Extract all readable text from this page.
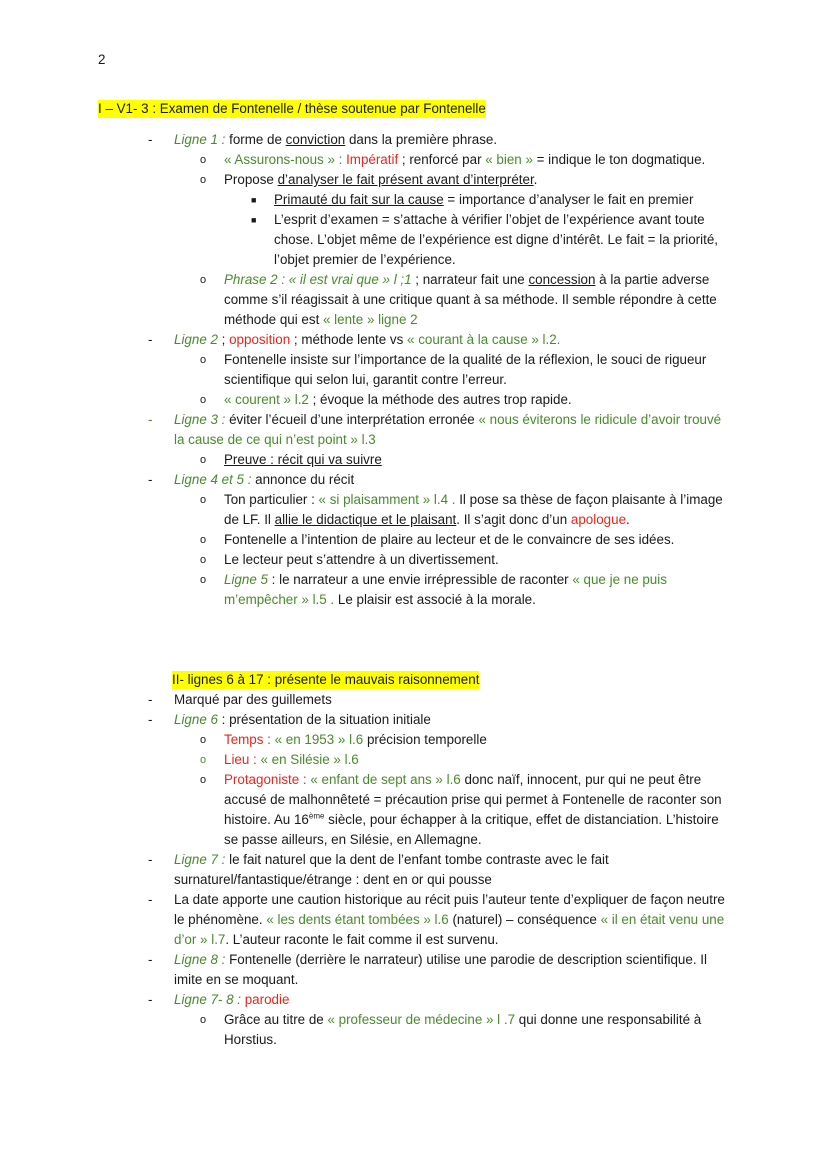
2
I – V1- 3 : Examen de Fontenelle / thèse soutenue par Fontenelle
- Ligne 1 : forme de conviction dans la première phrase.
o « Assurons-nous » : Impératif ; renforcé par « bien » = indique le ton dogmatique.
o Propose d’analyser le fait présent avant d’interpréter.
■ Primauté du fait sur la cause = importance d’analyser le fait en premier
■ L’esprit d’examen = s’attache à vérifier l’objet de l’expérience avant toute chose. L’objet même de l’expérience est digne d’intérêt. Le fait = la priorité, l’objet premier de l’expérience.
o Phrase 2 : « il est vrai que » l ;1 ; narrateur fait une concession à la partie adverse comme s’il réagissait à une critique quant à sa méthode. Il semble répondre à cette méthode qui est « lente » ligne 2
- Ligne 2 ; opposition ; méthode lente vs « courant à la cause » l.2.
o Fontenelle insiste sur l’importance de la qualité de la réflexion, le souci de rigueur scientifique qui selon lui, garantit contre l’erreur.
o « courent » l.2 ; évoque la méthode des autres trop rapide.
- Ligne 3 : éviter l’écueil d’une interprétation erronée « nous éviterons le ridicule d’avoir trouvé la cause de ce qui n’est point » l.3
o Preuve : récit qui va suivre
- Ligne 4 et 5 : annonce du récit
o Ton particulier : « si plaisamment » l.4 . Il pose sa thèse de façon plaisante à l’image de LF. Il allie le didactique et le plaisant. Il s’agit donc d’un apologue.
o Fontenelle a l’intention de plaire au lecteur et de le convaincre de ses idées.
o Le lecteur peut s’attendre à un divertissement.
o Ligne 5 : le narrateur a une envie irrépressible de raconter « que je ne puis m’empêcher » l.5 . Le plaisir est associé à la morale.
II- lignes 6 à 17 : présente le mauvais raisonnement
- Marqué par des guillemets
- Ligne 6 : présentation de la situation initiale
o Temps : « en 1953 » l.6 précision temporelle
o Lieu : « en Silésie » l.6
o Protagoniste : « enfant de sept ans » l.6 donc naïf, innocent, pur qui ne peut être accusé de malhonnêteté = précaution prise qui permet à Fontenelle de raconter son histoire. Au 16ème siècle, pour échapper à la critique, effet de distanciation. L’histoire se passe ailleurs, en Silésie, en Allemagne.
- Ligne 7 : le fait naturel que la dent de l’enfant tombe contraste avec le fait surnaturel/fantastique/étrange : dent en or qui pousse
- La date apporte une caution historique au récit puis l’auteur tente d’expliquer de façon neutre le phénomène. « les dents étant tombées » l.6 (naturel) – conséquence « il en était venu une d’or » l.7. L’auteur raconte le fait comme il est survenu.
- Ligne 8 : Fontenelle (derrière le narrateur) utilise une parodie de description scientifique. Il imite en se moquant.
- Ligne 7- 8 : parodie
o Grâce au titre de « professeur de médecine » l .7 qui donne une responsabilité à Horstius.
